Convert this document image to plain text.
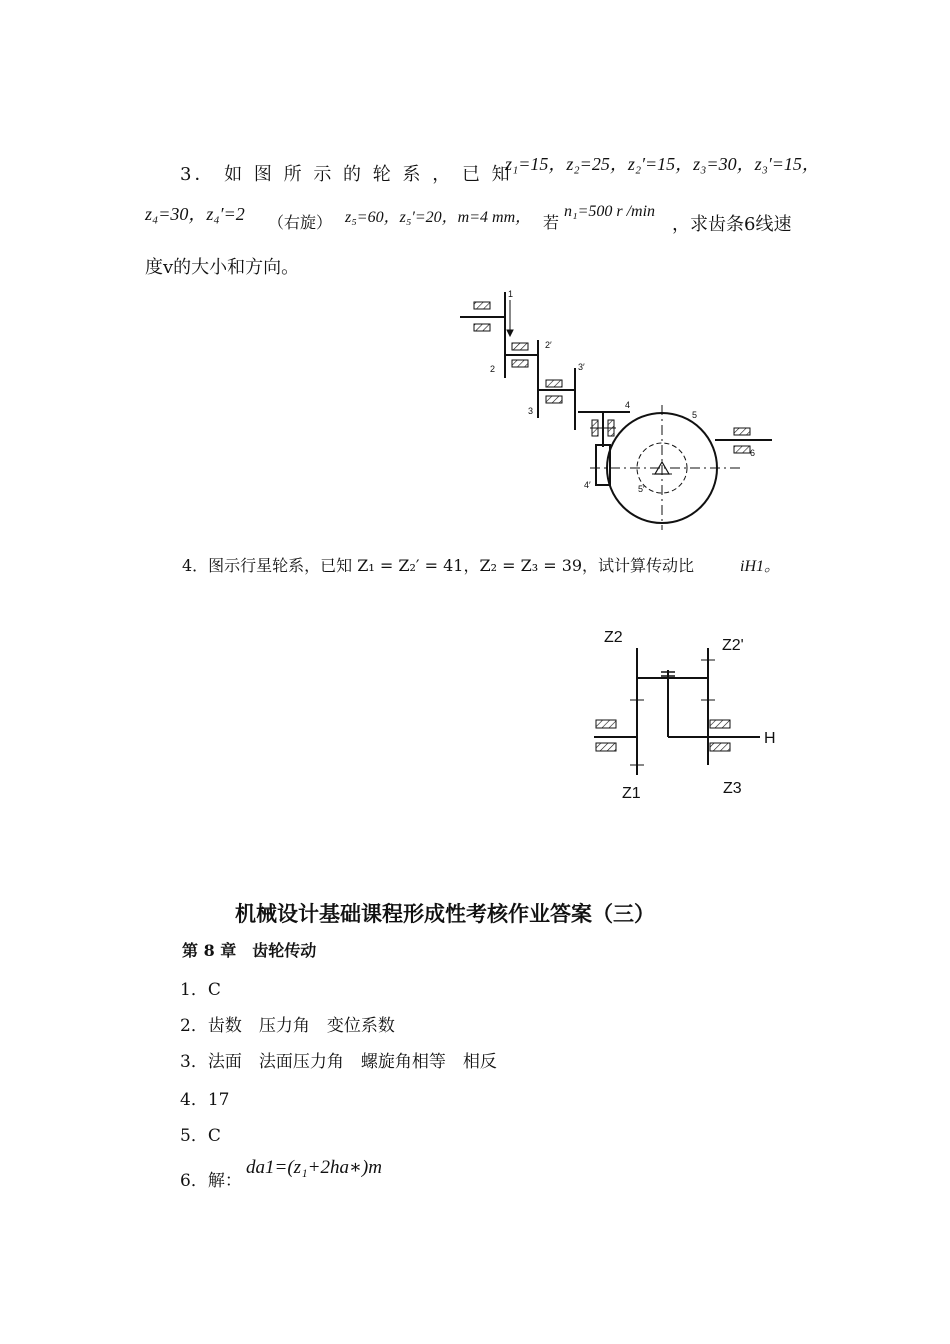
3． 如 图 所 示 的 轮 系 ， 已 知
z₁=15，z₂=25，z₂′=15，z₃=30，z₃′=15，
z₄=30，z₄′=2 （右旋） z₅=60，z₅′=20，m=4 mm， 若
n₁=500 r /min
，求齿条6线速
度v的大小和方向。
1
2′
2	3′
3
4
5
6
4′	5′
Z2	Z2'
H
Z1	Z3
4．图示行星轮系，已知 Z₁ = Z₂′ = 41，Z₂ = Z₃ = 39，试计算传动比	iH1。
机械设计基础课程形成性考核作业答案（三）
第 8 章　齿轮传动
1．C
2．齿数　压力角　变位系数
3．法面　法面压力角　螺旋角相等　相反
4．17
5．C
6．解：
da1=(z₁+2ha∗)m
